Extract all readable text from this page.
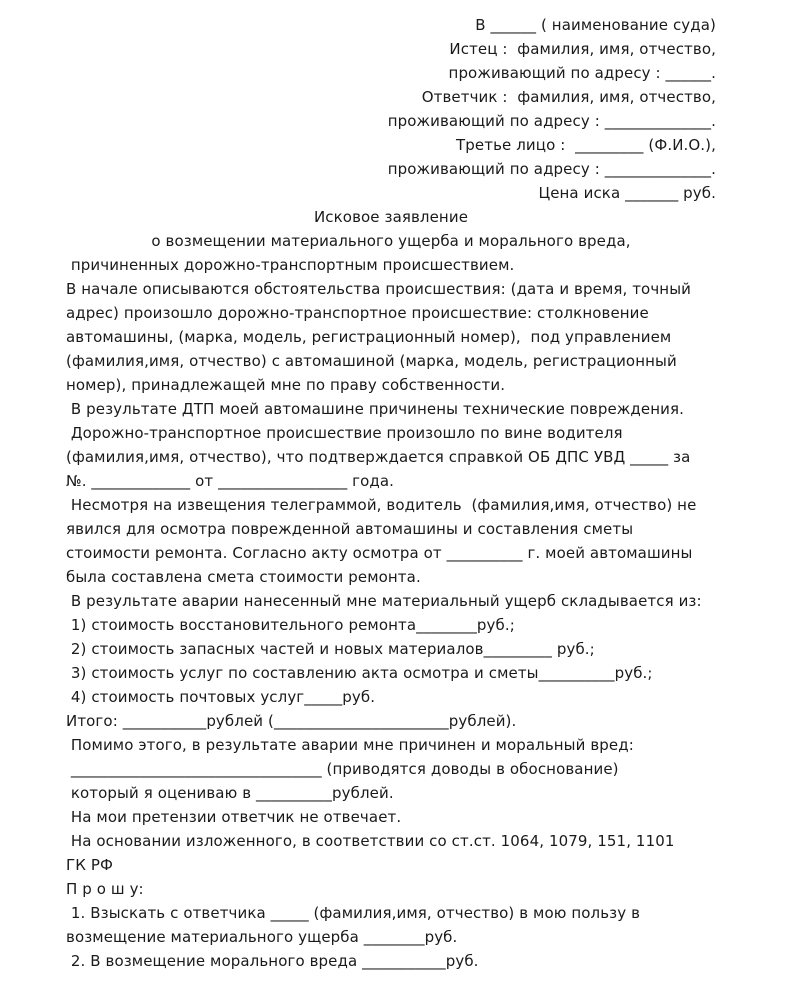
В ______ ( наименование суда)
Истец :  фамилия, имя, отчество,
проживающий по адресу : ______.
Ответчик :  фамилия, имя, отчество,
проживающий по адресу : ______________.
Третье лицо :  _________ (Ф.И.О.),
проживающий по адресу : ______________.
Цена иска _______ руб.
Исковое заявление
о возмещении материального ущерба и морального вреда,
причиненных дорожно-транспортным происшествием.
В начале описываются обстоятельства происшествия: (дата и время, точный
адрес) произошло дорожно-транспортное происшествие: столкновение
автомашины, (марка, модель, регистрационный номер),  под управлением
(фамилия,имя, отчество) с автомашиной (марка, модель, регистрационный
номер), принадлежащей мне по праву собственности.
В результате ДТП моей автомашине причинены технические повреждения.
Дорожно-транспортное происшествие произошло по вине водителя
(фамилия,имя, отчество), что подтверждается справкой ОБ ДПС УВД _____ за
№. _____________ от _________________ года.
Несмотря на извещения телеграммой, водитель  (фамилия,имя, отчество) не
явился для осмотра поврежденной автомашины и составления сметы
стоимости ремонта. Согласно акту осмотра от __________ г. моей автомашины
была составлена смета стоимости ремонта.
В результате аварии нанесенный мне материальный ущерб складывается из:
1) стоимость восстановительного ремонта________руб.;
2) стоимость запасных частей и новых материалов_________ руб.;
3) стоимость услуг по составлению акта осмотра и сметы__________руб.;
4) стоимость почтовых услуг_____руб.
Итого: ___________рублей (_______________________рублей).
Помимо этого, в результате аварии мне причинен и моральный вред:
_________________________________ (приводятся доводы в обоснование)
который я оцениваю в __________рублей.
На мои претензии ответчик не отвечает.
На основании изложенного, в соответствии со ст.ст. 1064, 1079, 151, 1101
ГК РФ
П р о ш у:
1. Взыскать с ответчика _____ (фамилия,имя, отчество) в мою пользу в
возмещение материального ущерба ________руб.
2. В возмещение морального вреда ___________руб.
